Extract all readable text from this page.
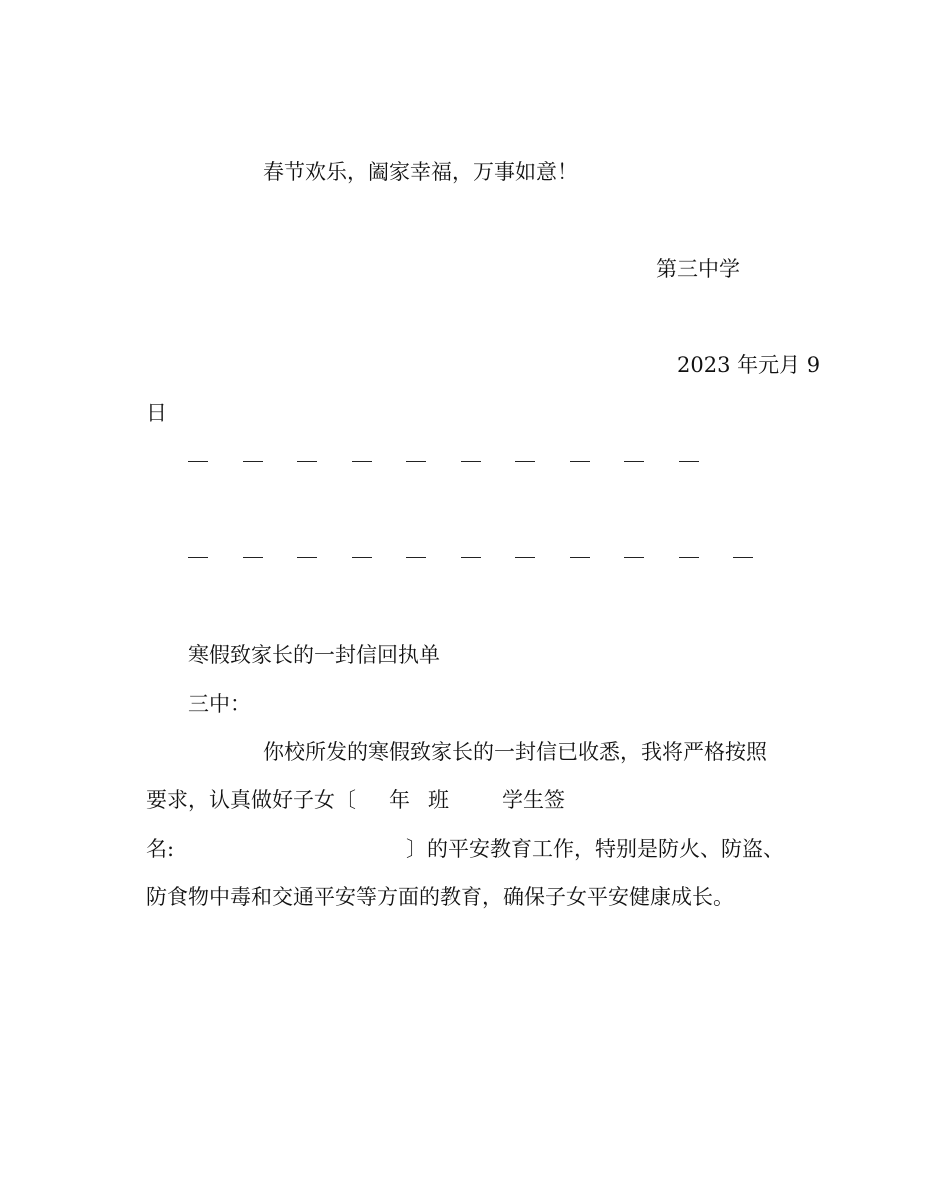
春节欢乐，阖家幸福，万事如意！
第三中学
2023 年元月 9
日
寒假致家长的一封信回执单
三中：
你校所发的寒假致家长的一封信已收悉，我将严格按照
要求，认真做好子女〔 年 班	学生签
名:	〕的平安教育工作，特别是防火、防盗、
防食物中毒和交通平安等方面的教育，确保子女平安健康成长。
